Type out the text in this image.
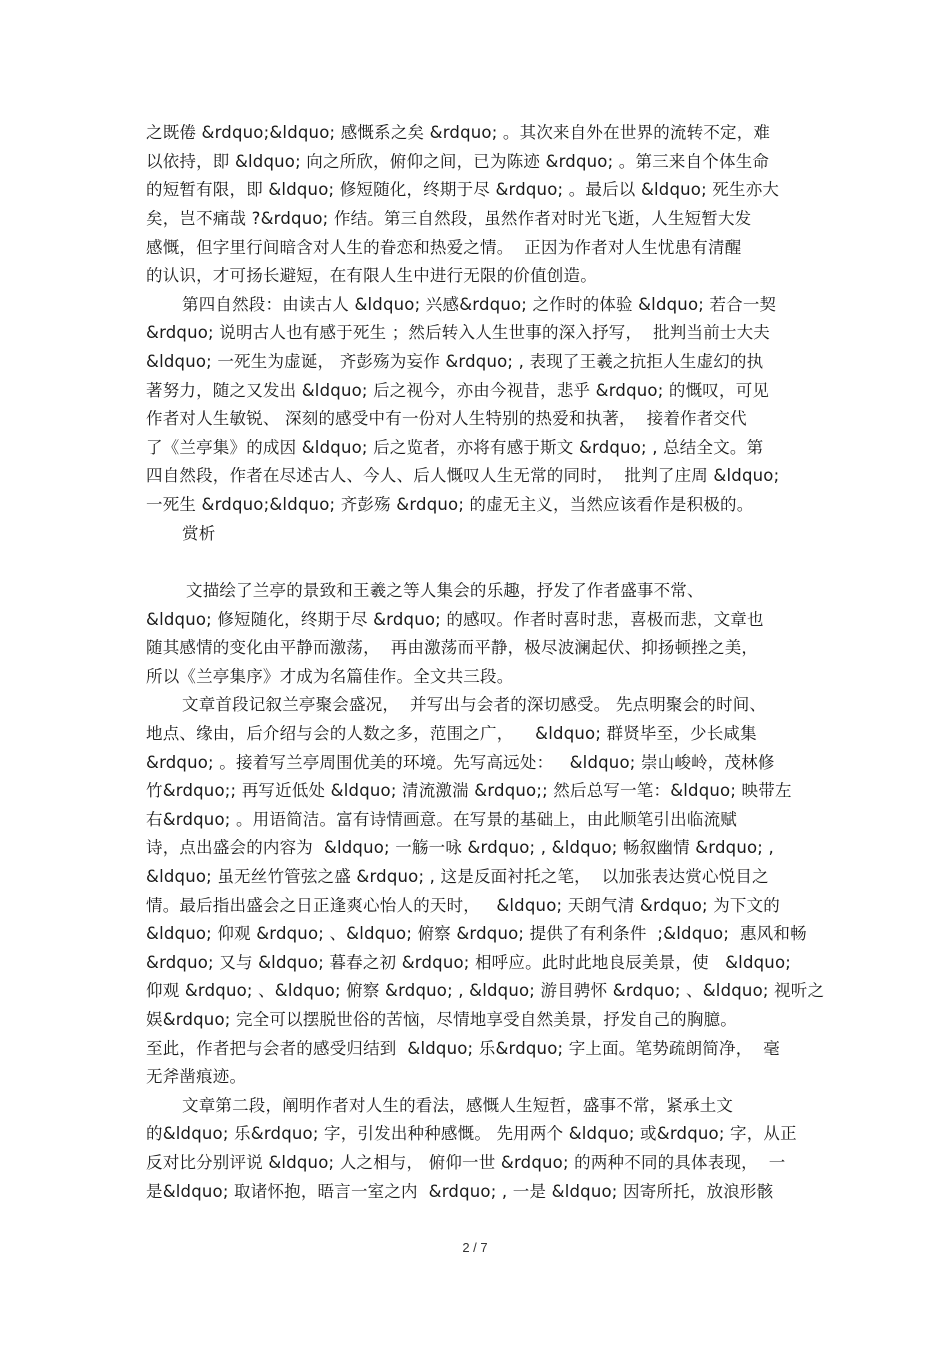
之既倦 &rdquo;&ldquo; 感慨系之矣 &rdquo; 。其次来自外在世界的流转不定，难
以依持，即 &ldquo; 向之所欣，俯仰之间，已为陈迹 &rdquo; 。第三来自个体生命
的短暂有限，即 &ldquo; 修短随化，终期于尽 &rdquo; 。最后以 &ldquo; 死生亦大
矣，岂不痛哉 ?&rdquo; 作结。第三自然段，虽然作者对时光飞逝，人生短暂大发
感慨，但字里行间暗含对人生的眷恋和热爱之情。  正因为作者对人生忧患有清醒
的认识，才可扬长避短，在有限人生中进行无限的价值创造。
第四自然段：由读古人 &ldquo; 兴感&rdquo; 之作时的体验 &ldquo; 若合一契
&rdquo; 说明古人也有感于死生 ；然后转入人生世事的深入抒写，  批判当前士大夫
&ldquo; 一死生为虚诞， 齐彭殇为妄作 &rdquo; , 表现了王羲之抗拒人生虚幻的执
著努力，随之又发出 &ldquo; 后之视今，亦由今视昔，悲乎 &rdquo; 的慨叹，可见
作者对人生敏锐、 深刻的感受中有一份对人生特别的热爱和执著，  接着作者交代
了《兰亭集》的成因 &ldquo; 后之览者，亦将有感于斯文 &rdquo; , 总结全文。第
四自然段，作者在尽述古人、今人、后人慨叹人生无常的同时，  批判了庄周 &ldquo;
一死生 &rdquo;&ldquo; 齐彭殇 &rdquo; 的虚无主义，当然应该看作是积极的。
赏析
文描绘了兰亭的景致和王羲之等人集会的乐趣，抒发了作者盛事不常、
&ldquo; 修短随化，终期于尽 &rdquo; 的感叹。作者时喜时悲，喜极而悲，文章也
随其感情的变化由平静而激荡，  再由激荡而平静，极尽波澜起伏、抑扬顿挫之美，
所以《兰亭集序》才成为名篇佳作。全文共三段。
文章首段记叙兰亭聚会盛况，  并写出与会者的深切感受。 先点明聚会的时间、
地点、缘由，后介绍与会的人数之多，范围之广，    &ldquo; 群贤毕至，少长咸集
&rdquo; 。接着写兰亭周围优美的环境。先写高远处：   &ldquo; 崇山峻岭，茂林修
竹&rdquo;; 再写近低处 &ldquo; 清流激湍 &rdquo;; 然后总写一笔：&ldquo; 映带左
右&rdquo; 。用语简洁。富有诗情画意。在写景的基础上，由此顺笔引出临流赋
诗，点出盛会的内容为  &ldquo; 一觞一咏 &rdquo; , &ldquo; 畅叙幽情 &rdquo; ,
&ldquo; 虽无丝竹管弦之盛 &rdquo; , 这是反面衬托之笔，  以加张表达赏心悦目之
情。最后指出盛会之日正逢爽心怡人的天时，   &ldquo; 天朗气清 &rdquo; 为下文的
&ldquo; 仰观 &rdquo; 、&ldquo; 俯察 &rdquo; 提供了有利条件  ;&ldquo;  惠风和畅
&rdquo; 又与 &ldquo; 暮春之初 &rdquo; 相呼应。此时此地良辰美景，使   &ldquo;
仰观 &rdquo; 、&ldquo; 俯察 &rdquo; , &ldquo; 游目骋怀 &rdquo; 、&ldquo; 视听之
娱&rdquo; 完全可以摆脱世俗的苦恼，尽情地享受自然美景，抒发自己的胸臆。
至此，作者把与会者的感受归结到  &ldquo; 乐&rdquo; 字上面。笔势疏朗简净，  毫
无斧凿痕迹。
文章第二段，阐明作者对人生的看法，感慨人生短哲，盛事不常，紧承土文
的&ldquo; 乐&rdquo; 字，引发出种种感慨。 先用两个 &ldquo; 或&rdquo; 字，从正
反对比分别评说 &ldquo; 人之相与， 俯仰一世 &rdquo; 的两种不同的具体表现，  一
是&ldquo; 取诸怀抱，晤言一室之内  &rdquo; , 一是 &ldquo; 因寄所托，放浪形骸
2 / 7
